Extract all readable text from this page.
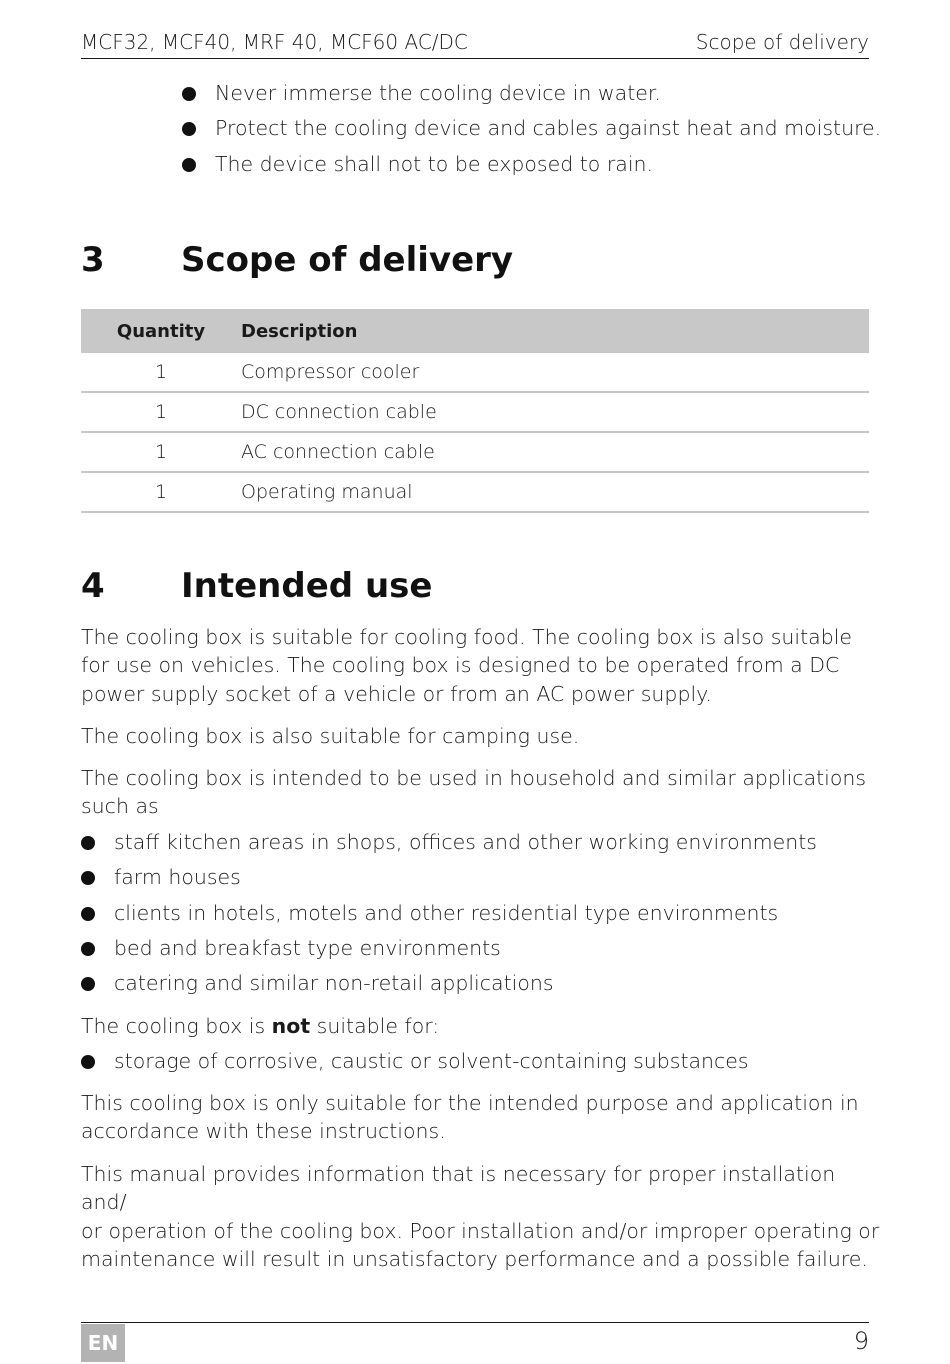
MCF32, MCF40, MRF 40, MCF60 AC/DC	Scope of delivery
Never immerse the cooling device in water.
Protect the cooling device and cables against heat and moisture.
The device shall not to be exposed to rain.
3 Scope of delivery
Quantity	Description
1	Compressor cooler
1	DC connection cable
1	AC connection cable
1	Operating manual
4 Intended use

The cooling box is suitable for cooling food. The cooling box is also suitable
for use on vehicles. The cooling box is designed to be operated from a DC
power supply socket of a vehicle or from an AC power supply.

The cooling box is also suitable for camping use.

The cooling box is intended to be used in household and similar applications
such as

staff kitchen areas in shops, offices and other working environments
farm houses
clients in hotels, motels and other residential type environments
bed and breakfast type environments
catering and similar non-retail applications

The cooling box is not suitable for:

storage of corrosive, caustic or solvent-containing substances

This cooling box is only suitable for the intended purpose and application in
accordance with these instructions.

This manual provides information that is necessary for proper installation and/
or operation of the cooling box. Poor installation and/or improper operating or
maintenance will result in unsatisfactory performance and a possible failure.

EN	9
